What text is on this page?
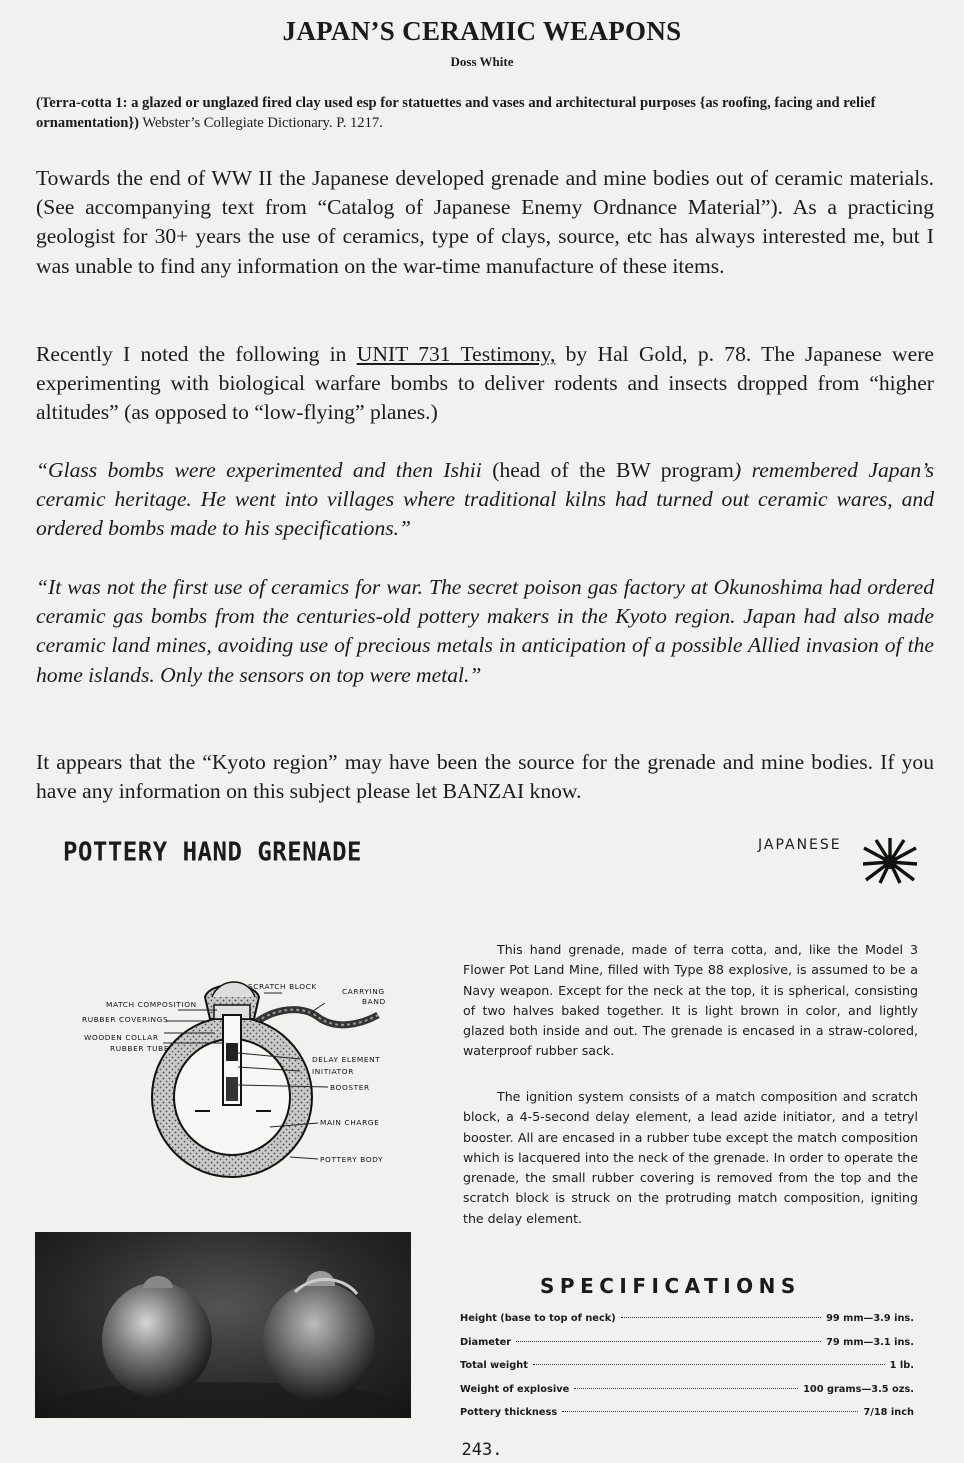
JAPAN’S CERAMIC WEAPONS
Doss White
(Terra-cotta 1: a glazed or unglazed fired clay used esp for statuettes and vases and architectural purposes {as roofing, facing and relief ornamentation}) Webster’s Collegiate Dictionary. P. 1217.

Towards the end of WW II the Japanese developed grenade and mine bodies out of ceramic materials. (See accompanying text from “Catalog of Japanese Enemy Ordnance Material”). As a practicing geologist for 30+ years the use of ceramics, type of clays, source, etc has always interested me, but I was unable to find any information on the war-time manufacture of these items.

Recently I noted the following in UNIT 731 Testimony, by Hal Gold, p. 78. The Japanese were experimenting with biological warfare bombs to deliver rodents and insects dropped from “higher altitudes” (as opposed to “low-flying” planes.)

“Glass bombs were experimented and then Ishii (head of the BW program) remembered Japan’s ceramic heritage. He went into villages where traditional kilns had turned out ceramic wares, and ordered bombs made to his specifications.”

“It was not the first use of ceramics for war. The secret poison gas factory at Okunoshima had ordered ceramic gas bombs from the centuries-old pottery makers in the Kyoto region. Japan had also made ceramic land mines, avoiding use of precious metals in anticipation of a possible Allied invasion of the home islands. Only the sensors on top were metal.”

It appears that the “Kyoto region” may have been the source for the grenade and mine bodies. If you have any information on this subject please let BANZAI know.

POTTERY HAND GRENADE	JAPANESE
SCRATCH BLOCK
CARRYING
BAND
MATCH COMPOSITION
RUBBER COVERINGS
WOODEN COLLAR
RUBBER TUBE
DELAY ELEMENT
INITIATOR
BOOSTER
MAIN CHARGE
POTTERY BODY

This hand grenade, made of terra cotta, and, like the Model 3 Flower Pot Land Mine, filled with Type 88 explosive, is assumed to be a Navy weapon. Except for the neck at the top, it is spherical, consisting of two halves baked together. It is light brown in color, and lightly glazed both inside and out. The grenade is encased in a straw-colored, waterproof rubber sack.

The ignition system consists of a match composition and scratch block, a 4-5-second delay element, a lead azide initiator, and a tetryl booster. All are encased in a rubber tube except the match composition which is lacquered into the neck of the grenade. In order to operate the grenade, the small rubber covering is removed from the top and the scratch block is struck on the protruding match composition, igniting the delay element.

SPECIFICATIONS
Height (base to top of neck)	99 mm—3.9 ins.
Diameter	79 mm—3.1 ins.
Total weight	1 lb.
Weight of explosive	100 grams—3.5 ozs.
Pottery thickness	7/18 inch
243.
